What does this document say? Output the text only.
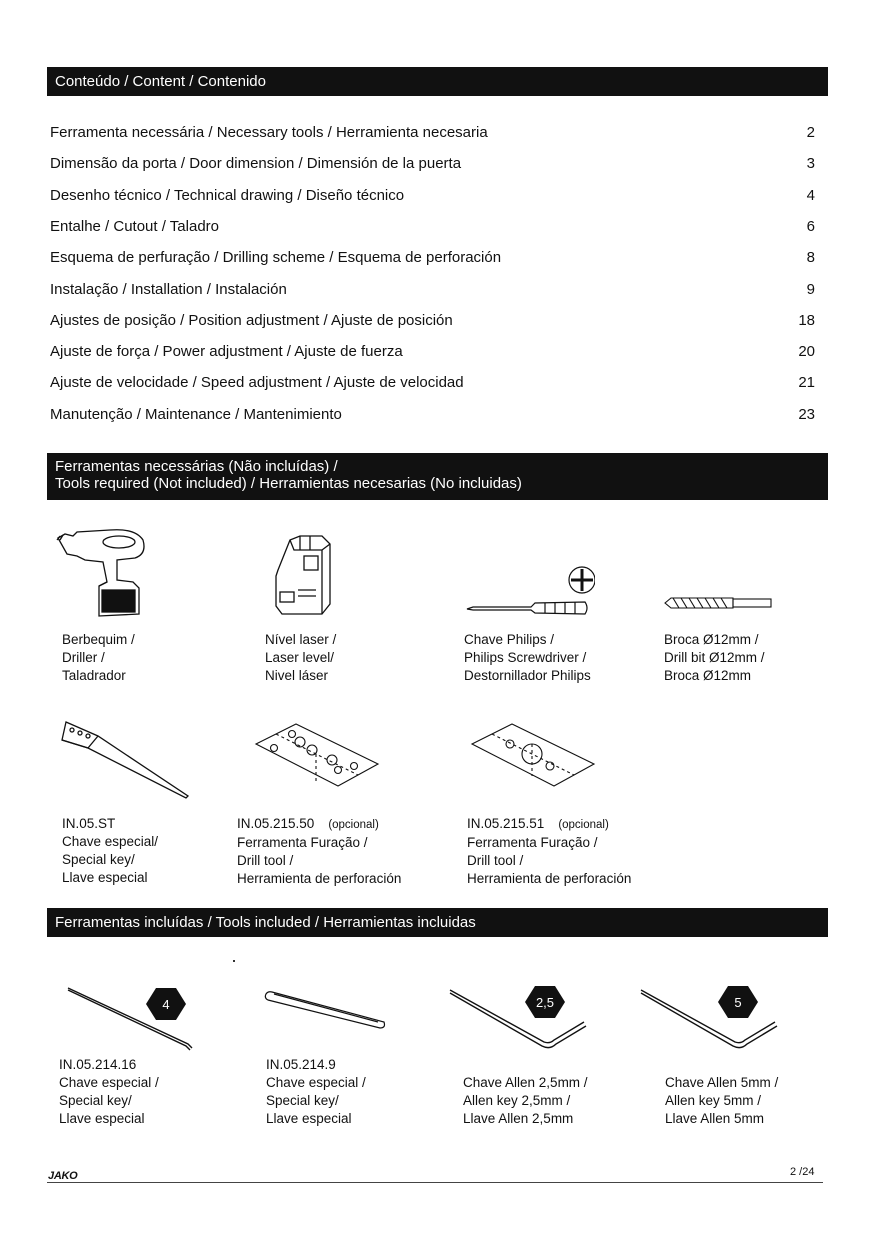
Conteúdo / Content / Contenido
Ferramenta necessária / Necessary tools / Herramienta necesaria	2
Dimensão da porta / Door dimension / Dimensión de la puerta	3
Desenho técnico / Technical drawing / Diseño técnico	4
Entalhe / Cutout / Taladro	6
Esquema de perfuração / Drilling scheme / Esquema de perforación	8
Instalação / Installation / Instalación	9
Ajustes de posição / Position adjustment / Ajuste de posición	18
Ajuste de força / Power adjustment / Ajuste de fuerza	20
Ajuste de velocidade / Speed adjustment / Ajuste de velocidad	21
Manutenção / Maintenance / Mantenimiento	23
Ferramentas necessárias (Não incluídas) /
Tools required (Not included) / Herramientas necesarias (No incluidas)
Berbequim /
Driller /
Taladrador
Nível laser /
Laser level/
Nivel láser
Chave Philips /
Philips Screwdriver /
Destornillador Philips
Broca Ø12mm /
Drill bit Ø12mm /
Broca Ø12mm
IN.05.ST
Chave especial/
Special key/
Llave especial
IN.05.215.50 (opcional)
Ferramenta Furação /
Drill tool /
Herramienta de perforación
IN.05.215.51 (opcional)
Ferramenta Furação /
Drill tool /
Herramienta de perforación
Ferramentas incluídas / Tools included / Herramientas incluidas
4
IN.05.214.16
Chave especial /
Special key/
Llave especial
IN.05.214.9
Chave especial /
Special key/
Llave especial
2,5
Chave Allen 2,5mm /
Allen key 2,5mm /
Llave Allen 2,5mm
5
Chave Allen 5mm /
Allen key 5mm /
Llave Allen 5mm
JAKO	2 /24
